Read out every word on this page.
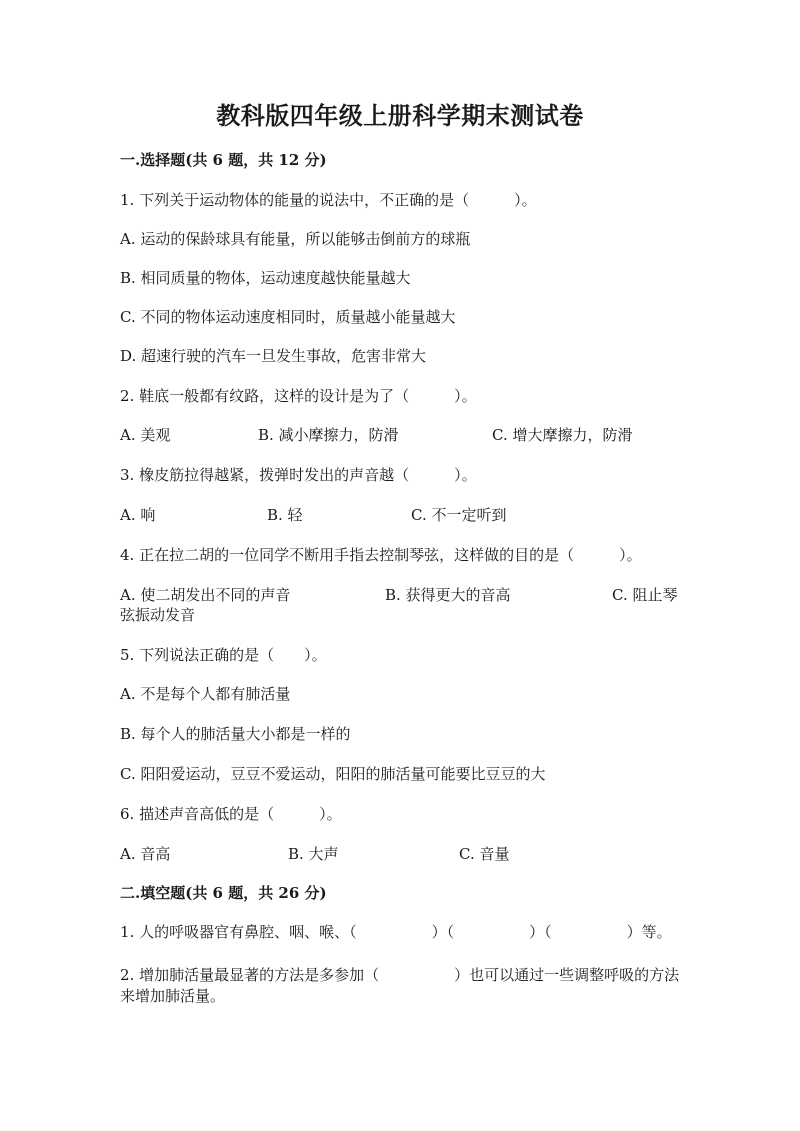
教科版四年级上册科学期末测试卷
一.选择题(共 6 题，共 12 分)
1. 下列关于运动物体的能量的说法中，不正确的是（　　　）。
A. 运动的保龄球具有能量，所以能够击倒前方的球瓶
B. 相同质量的物体，运动速度越快能量越大
C. 不同的物体运动速度相同时，质量越小能量越大
D. 超速行驶的汽车一旦发生事故，危害非常大
2. 鞋底一般都有纹路，这样的设计是为了（　　　）。
A. 美观	B. 减小摩擦力，防滑	C. 增大摩擦力，防滑
3. 橡皮筋拉得越紧，拨弹时发出的声音越（　　　）。
A. 响	B. 轻	C. 不一定听到
4. 正在拉二胡的一位同学不断用手指去控制琴弦，这样做的目的是（　　　）。
A. 使二胡发出不同的声音	B. 获得更大的音高	C. 阻止琴
弦振动发音
5. 下列说法正确的是（　　）。
A. 不是每个人都有肺活量
B. 每个人的肺活量大小都是一样的
C. 阳阳爱运动，豆豆不爱运动，阳阳的肺活量可能要比豆豆的大
6. 描述声音高低的是（　　　）。
A. 音高	B. 大声	C. 音量
二.填空题(共 6 题，共 26 分)
1. 人的呼吸器官有鼻腔、咽、喉、（　　　　　）（　　　　　）（　　　　　）等。
2. 增加肺活量最显著的方法是多参加（　　　　　）也可以通过一些调整呼吸的方法来增加肺活量。
